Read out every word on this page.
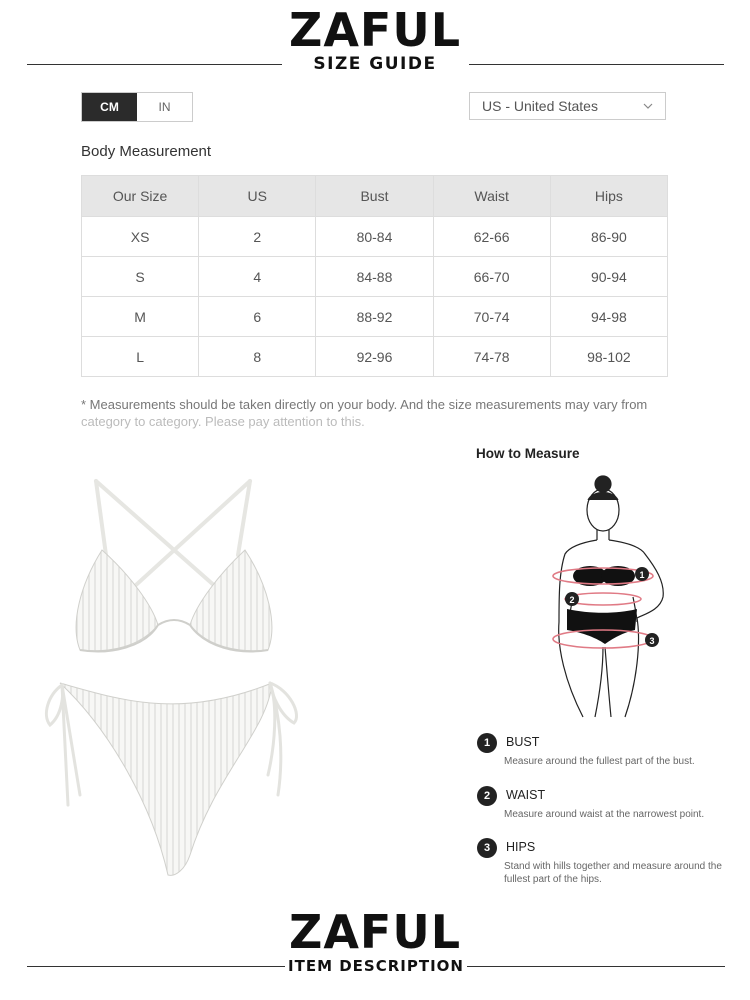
ZAFUL
SIZE GUIDE
CM	IN	US - United States
Body Measurement
Our Size	US	Bust	Waist	Hips
XS	2	80-84	62-66	86-90
S	4	84-88	66-70	90-94
M	6	88-92	70-74	94-98
L	8	92-96	74-78	98-102
* Measurements should be taken directly on your body. And the size measurements may vary from
category to category. Please pay attention to this.
How to Measure
1
2
3
1	BUST
Measure around the fullest part of the bust.
2	WAIST
Measure around waist at the narrowest point.
3	HIPS
Stand with hills together and measure around the fullest part of the hips.
ZAFUL
ITEM DESCRIPTION
